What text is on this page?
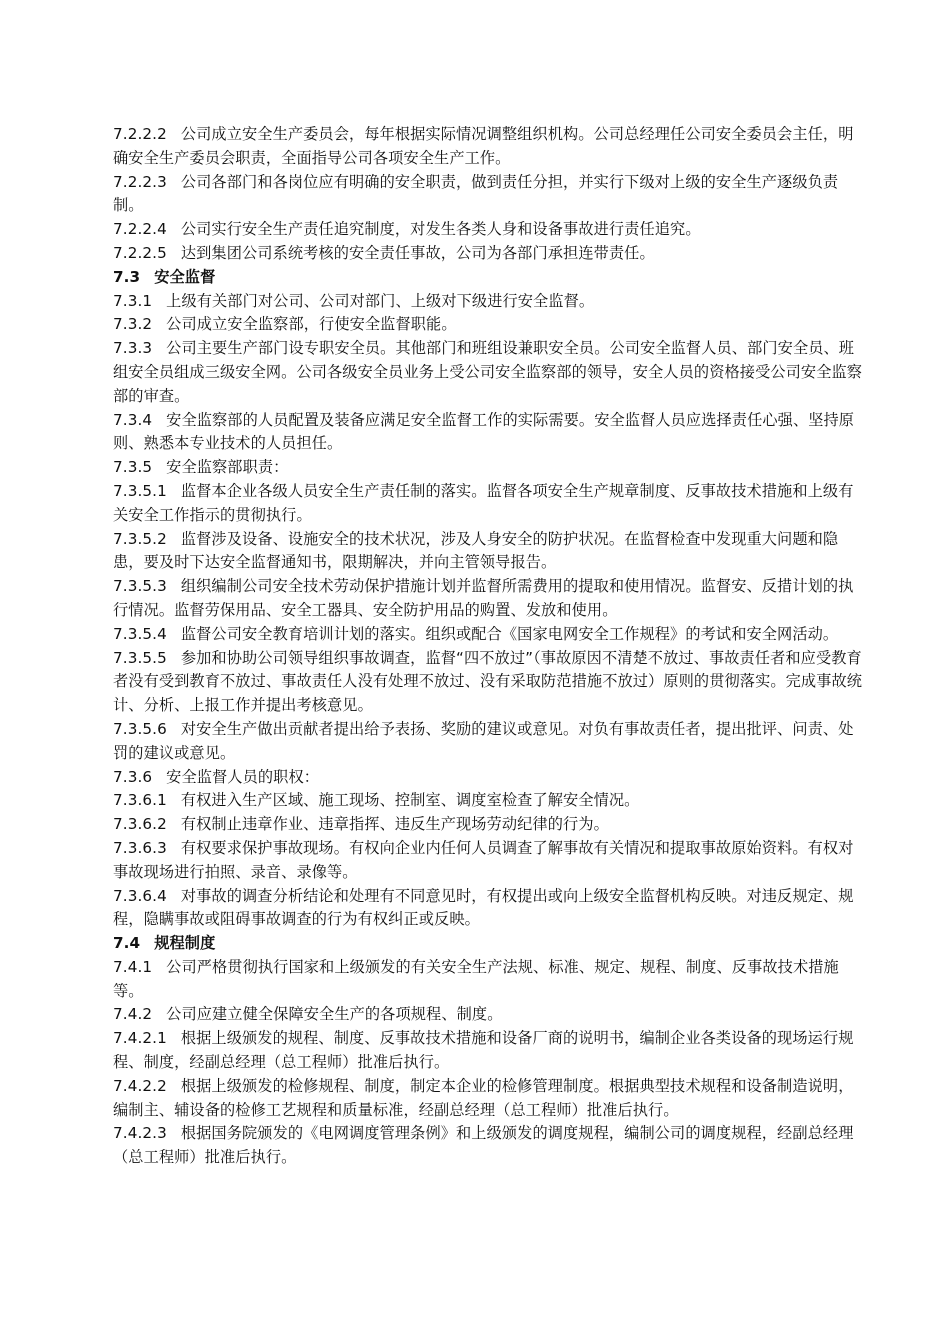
7.2.2.2 公司成立安全生产委员会，每年根据实际情况调整组织机构。公司总经理任公司安全委员会主任，明确安全生产委员会职责，全面指导公司各项安全生产工作。

7.2.2.3 公司各部门和各岗位应有明确的安全职责，做到责任分担，并实行下级对上级的安全生产逐级负责制。

7.2.2.4 公司实行安全生产责任追究制度，对发生各类人身和设备事故进行责任追究。

7.2.2.5 达到集团公司系统考核的安全责任事故，公司为各部门承担连带责任。

7.3 安全监督

7.3.1 上级有关部门对公司、公司对部门、上级对下级进行安全监督。

7.3.2 公司成立安全监察部，行使安全监督职能。

7.3.3 公司主要生产部门设专职安全员。其他部门和班组设兼职安全员。公司安全监督人员、部门安全员、班组安全员组成三级安全网。公司各级安全员业务上受公司安全监察部的领导，安全人员的资格接受公司安全监察部的审查。

7.3.4 安全监察部的人员配置及装备应满足安全监督工作的实际需要。安全监督人员应选择责任心强、坚持原则、熟悉本专业技术的人员担任。

7.3.5 安全监察部职责：

7.3.5.1 监督本企业各级人员安全生产责任制的落实。监督各项安全生产规章制度、反事故技术措施和上级有关安全工作指示的贯彻执行。

7.3.5.2 监督涉及设备、设施安全的技术状况，涉及人身安全的防护状况。在监督检查中发现重大问题和隐患，要及时下达安全监督通知书，限期解决，并向主管领导报告。

7.3.5.3 组织编制公司安全技术劳动保护措施计划并监督所需费用的提取和使用情况。监督安、反措计划的执行情况。监督劳保用品、安全工器具、安全防护用品的购置、发放和使用。

7.3.5.4 监督公司安全教育培训计划的落实。组织或配合《国家电网安全工作规程》的考试和安全网活动。

7.3.5.5 参加和协助公司领导组织事故调查，监督“四不放过”（事故原因不清楚不放过、事故责任者和应受教育者没有受到教育不放过、事故责任人没有处理不放过、没有采取防范措施不放过）原则的贯彻落实。完成事故统计、分析、上报工作并提出考核意见。

7.3.5.6 对安全生产做出贡献者提出给予表扬、奖励的建议或意见。对负有事故责任者，提出批评、问责、处罚的建议或意见。

7.3.6 安全监督人员的职权：

7.3.6.1 有权进入生产区域、施工现场、控制室、调度室检查了解安全情况。

7.3.6.2 有权制止违章作业、违章指挥、违反生产现场劳动纪律的行为。

7.3.6.3 有权要求保护事故现场。有权向企业内任何人员调查了解事故有关情况和提取事故原始资料。有权对事故现场进行拍照、录音、录像等。

7.3.6.4 对事故的调查分析结论和处理有不同意见时，有权提出或向上级安全监督机构反映。对违反规定、规程，隐瞒事故或阻碍事故调查的行为有权纠正或反映。

7.4 规程制度

7.4.1 公司严格贯彻执行国家和上级颁发的有关安全生产法规、标准、规定、规程、制度、反事故技术措施等。

7.4.2 公司应建立健全保障安全生产的各项规程、制度。

7.4.2.1 根据上级颁发的规程、制度、反事故技术措施和设备厂商的说明书，编制企业各类设备的现场运行规程、制度，经副总经理（总工程师）批准后执行。

7.4.2.2 根据上级颁发的检修规程、制度，制定本企业的检修管理制度。根据典型技术规程和设备制造说明，编制主、辅设备的检修工艺规程和质量标准，经副总经理（总工程师）批准后执行。

7.4.2.3 根据国务院颁发的《电网调度管理条例》和上级颁发的调度规程，编制公司的调度规程，经副总经理（总工程师）批准后执行。
